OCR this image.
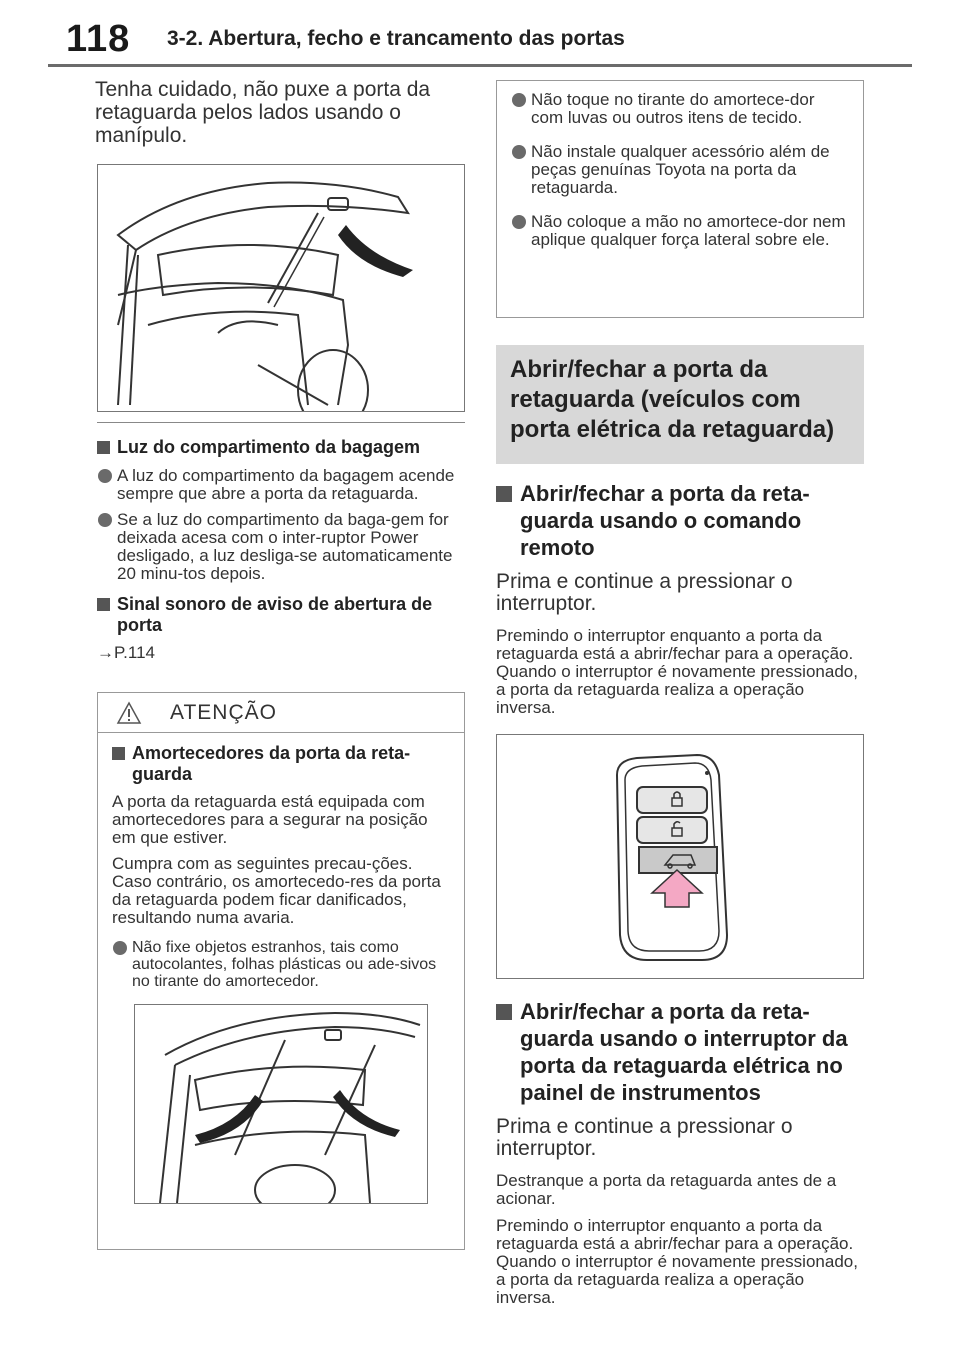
118 3-2. Abertura, fecho e trancamento das portas
Tenha cuidado, não puxe a porta da retaguarda pelos lados usando o manípulo.
Luz do compartimento da bagagem
A luz do compartimento da bagagem acende sempre que abre a porta da retaguarda.
Se a luz do compartimento da baga-gem for deixada acesa com o inter-ruptor Power desligado, a luz desliga-se automaticamente 20 minu-tos depois.
Sinal sonoro de aviso de abertura de porta
→P.114
ATENÇÃO
Amortecedores da porta da reta-guarda
A porta da retaguarda está equipada com amortecedores para a segurar na posição em que estiver.
Cumpra com as seguintes precau-ções. Caso contrário, os amortecedo-res da porta da retaguarda podem ficar danificados, resultando numa avaria.
Não fixe objetos estranhos, tais como autocolantes, folhas plásticas ou ade-sivos no tirante do amortecedor.
Não toque no tirante do amortece-dor com luvas ou outros itens de tecido.
Não instale qualquer acessório além de peças genuínas Toyota na porta da retaguarda.
Não coloque a mão no amortece-dor nem aplique qualquer força lateral sobre ele.
Abrir/fechar a porta da retaguarda (veículos com porta elétrica da retaguarda)
Abrir/fechar a porta da reta-guarda usando o comando remoto
Prima e continue a pressionar o interruptor.
Premindo o interruptor enquanto a porta da retaguarda está a abrir/fechar para a operação. Quando o interruptor é novamente pressionado, a porta da retaguarda realiza a operação inversa.
Abrir/fechar a porta da reta-guarda usando o interruptor da porta da retaguarda elétrica no painel de instrumentos
Prima e continue a pressionar o interruptor.
Destranque a porta da retaguarda antes de a acionar.
Premindo o interruptor enquanto a porta da retaguarda está a abrir/fechar para a operação. Quando o interruptor é novamente pressionado, a porta da retaguarda realiza a operação inversa.
